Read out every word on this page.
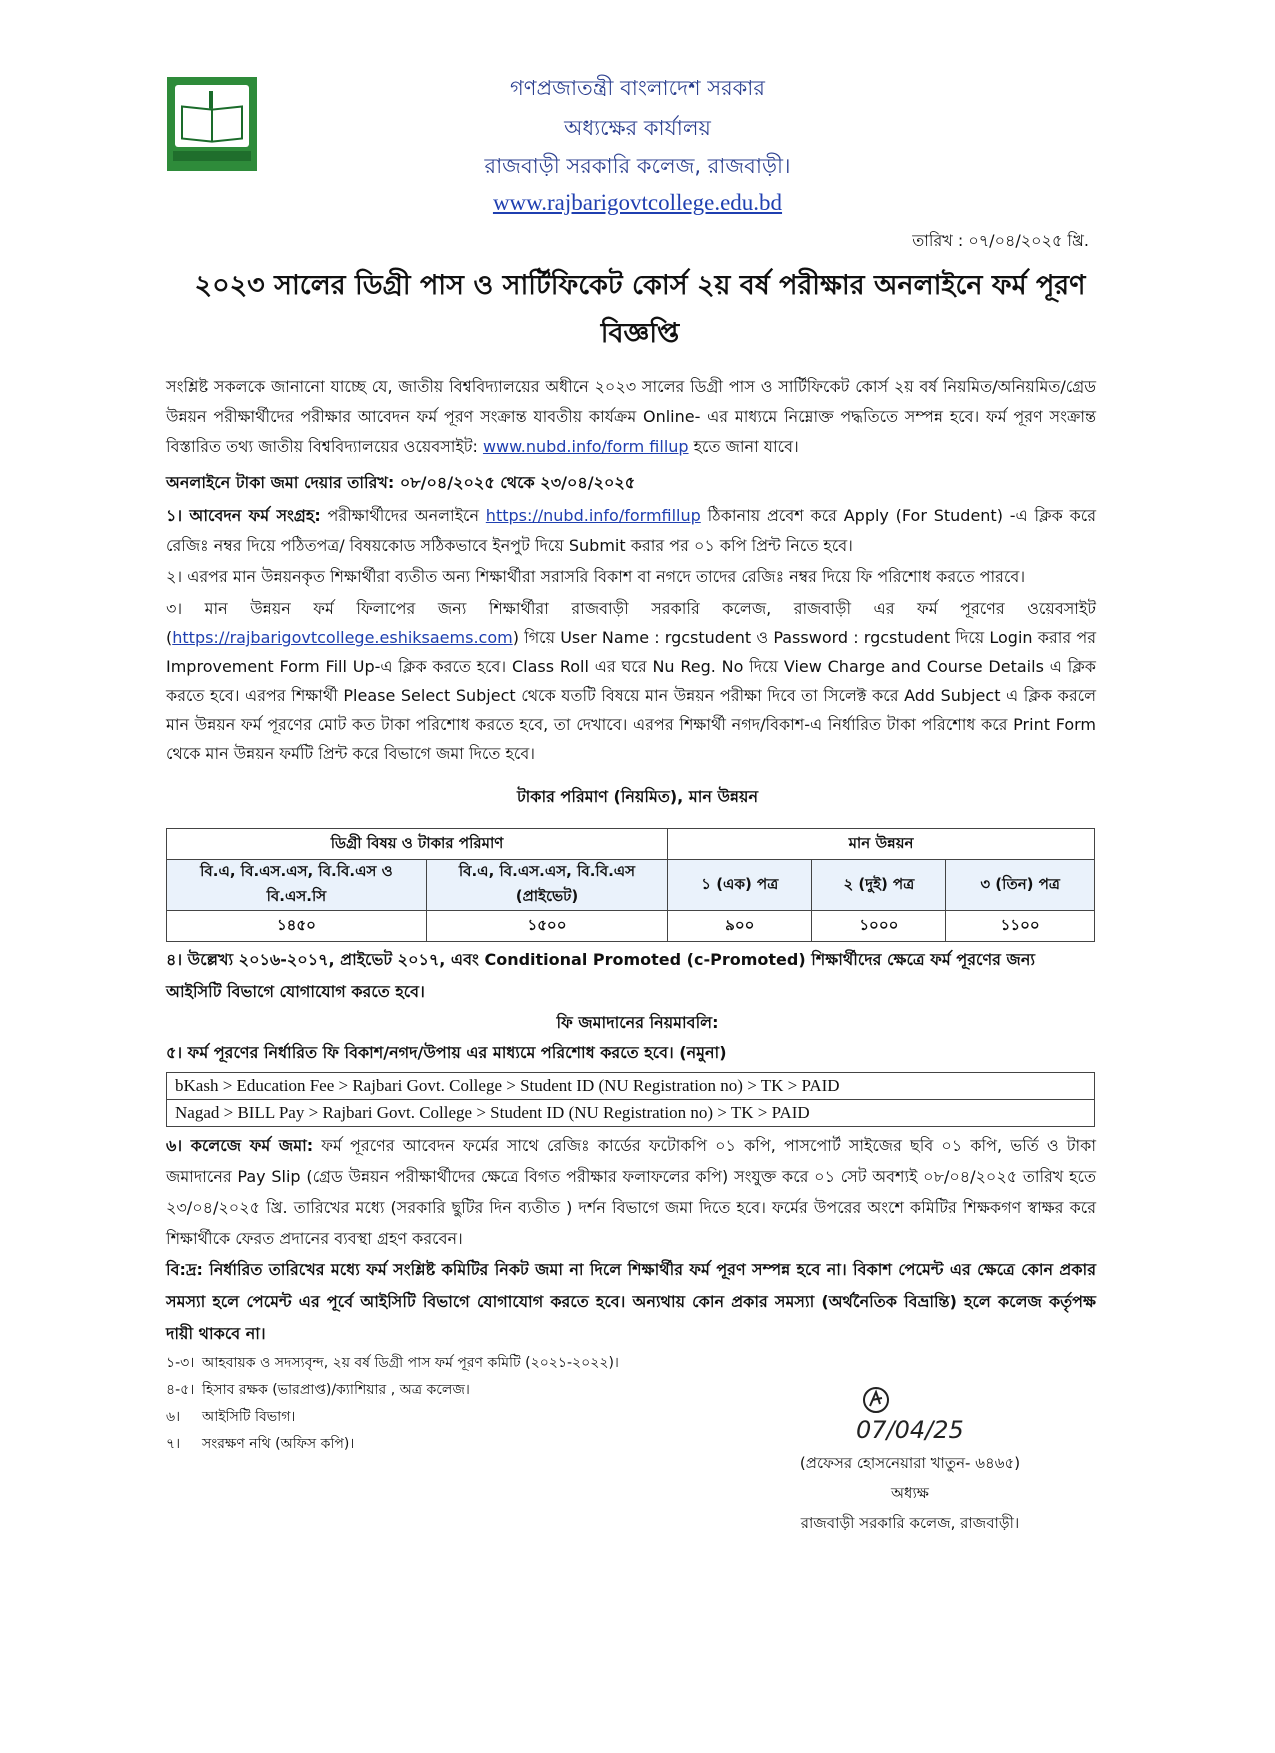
গণপ্রজাতন্ত্রী বাংলাদেশ সরকার
অধ্যক্ষের কার্যালয়
রাজবাড়ী সরকারি কলেজ, রাজবাড়ী।
www.rajbarigovtcollege.edu.bd
তারিখ : ০৭/০৪/২০২৫ খ্রি.
২০২৩ সালের ডিগ্রী পাস ও সার্টিফিকেট কোর্স ২য় বর্ষ পরীক্ষার অনলাইনে ফর্ম পূরণ বিজ্ঞপ্তি
সংশ্লিষ্ট সকলকে জানানো যাচ্ছে যে, জাতীয় বিশ্ববিদ্যালয়ের অধীনে ২০২৩ সালের ডিগ্রী পাস ও সার্টিফিকেট কোর্স ২য় বর্ষ নিয়মিত/অনিয়মিত/গ্রেড উন্নয়ন পরীক্ষার্থীদের পরীক্ষার আবেদন ফর্ম পূরণ সংক্রান্ত যাবতীয় কার্যক্রম Online- এর মাধ্যমে নিম্নোক্ত পদ্ধতিতে সম্পন্ন হবে। ফর্ম পূরণ সংক্রান্ত বিস্তারিত তথ্য জাতীয় বিশ্ববিদ্যালয়ের ওয়েবসাইট: www.nubd.info/form fillup হতে জানা যাবে।
অনলাইনে টাকা জমা দেয়ার তারিখ: ০৮/০৪/২০২৫ থেকে ২৩/০৪/২০২৫
১। আবেদন ফর্ম সংগ্রহ: পরীক্ষার্থীদের অনলাইনে https://nubd.info/formfillup ঠিকানায় প্রবেশ করে Apply (For Student) -এ ক্লিক করে রেজিঃ নম্বর দিয়ে পঠিতপত্র/ বিষয়কোড সঠিকভাবে ইনপুট দিয়ে Submit করার পর ০১ কপি প্রিন্ট নিতে হবে।
২। এরপর মান উন্নয়নকৃত শিক্ষার্থীরা ব্যতীত অন্য শিক্ষার্থীরা সরাসরি বিকাশ বা নগদে তাদের রেজিঃ নম্বর দিয়ে ফি পরিশোধ করতে পারবে।
৩। মান উন্নয়ন ফর্ম ফিলাপের জন্য শিক্ষার্থীরা রাজবাড়ী সরকারি কলেজ, রাজবাড়ী এর ফর্ম পূরণের ওয়েবসাইট (https://rajbarigovtcollege.eshiksaems.com) গিয়ে User Name : rgcstudent ও Password : rgcstudent দিয়ে Login করার পর Improvement Form Fill Up-এ ক্লিক করতে হবে। Class Roll এর ঘরে Nu Reg. No দিয়ে View Charge and Course Details এ ক্লিক করতে হবে। এরপর শিক্ষার্থী Please Select Subject থেকে যতটি বিষয়ে মান উন্নয়ন পরীক্ষা দিবে তা সিলেক্ট করে Add Subject এ ক্লিক করলে মান উন্নয়ন ফর্ম পূরণের মোট কত টাকা পরিশোধ করতে হবে, তা দেখাবে। এরপর শিক্ষার্থী নগদ/বিকাশ-এ নির্ধারিত টাকা পরিশোধ করে Print Form থেকে মান উন্নয়ন ফর্মটি প্রিন্ট করে বিভাগে জমা দিতে হবে।
টাকার পরিমাণ (নিয়মিত), মান উন্নয়ন
ডিগ্রী বিষয় ও টাকার পরিমাণ		মান উন্নয়ন		
বি.এ, বি.এস.এস, বি.বি.এস ও বি.এস.সি	বি.এ, বি.এস.এস, বি.বি.এস (প্রাইভেট)	১ (এক) পত্র	২ (দুই) পত্র	৩ (তিন) পত্র
১৪৫০	১৫০০	৯০০	১০০০	১১০০
৪। উল্লেখ্য ২০১৬-২০১৭, প্রাইভেট ২০১৭, এবং Conditional Promoted (c-Promoted) শিক্ষার্থীদের ক্ষেত্রে ফর্ম পূরণের জন্য আইসিটি বিভাগে যোগাযোগ করতে হবে।
ফি জমাদানের নিয়মাবলি:
৫। ফর্ম পূরণের নির্ধারিত ফি বিকাশ/নগদ/উপায় এর মাধ্যমে পরিশোধ করতে হবে। (নমুনা)
bKash > Education Fee > Rajbari Govt. College > Student ID (NU Registration no) > TK > PAID
Nagad > BILL Pay > Rajbari Govt. College > Student ID (NU Registration no) > TK > PAID
৬। কলেজে ফর্ম জমা: ফর্ম পূরণের আবেদন ফর্মের সাথে রেজিঃ কার্ডের ফটোকপি ০১ কপি, পাসপোর্ট সাইজের ছবি ০১ কপি, ভর্তি ও টাকা জমাদানের Pay Slip (গ্রেড উন্নয়ন পরীক্ষার্থীদের ক্ষেত্রে বিগত পরীক্ষার ফলাফলের কপি) সংযুক্ত করে ০১ সেট অবশ্যই ০৮/০৪/২০২৫ তারিখ হতে ২৩/০৪/২০২৫ খ্রি. তারিখের মধ্যে (সরকারি ছুটির দিন ব্যতীত ) দর্শন বিভাগে জমা দিতে হবে। ফর্মের উপরের অংশে কমিটির শিক্ষকগণ স্বাক্ষর করে শিক্ষার্থীকে ফেরত প্রদানের ব্যবস্থা গ্রহণ করবেন।
বি:দ্র: নির্ধারিত তারিখের মধ্যে ফর্ম সংশ্লিষ্ট কমিটির নিকট জমা না দিলে শিক্ষার্থীর ফর্ম পূরণ সম্পন্ন হবে না। বিকাশ পেমেন্ট এর ক্ষেত্রে কোন প্রকার সমস্যা হলে পেমেন্ট এর পূর্বে আইসিটি বিভাগে যোগাযোগ করতে হবে। অন্যথায় কোন প্রকার সমস্যা (অর্থনৈতিক বিভ্রান্তি) হলে কলেজ কর্তৃপক্ষ দায়ী থাকবে না।
১-৩। আহবায়ক ও সদস্যবৃন্দ, ২য় বর্ষ ডিগ্রী পাস ফর্ম পূরণ কমিটি (২০২১-২০২২)।
৪-৫। হিসাব রক্ষক (ভারপ্রাপ্ত)/ক্যাশিয়ার , অত্র কলেজ।
৬। আইসিটি বিভাগ।
৭। সংরক্ষণ নথি (অফিস কপি)।	07/04/25
(প্রফেসর হোসনেয়ারা খাতুন- ৬৪৬৫)
অধ্যক্ষ
রাজবাড়ী সরকারি কলেজ, রাজবাড়ী।
